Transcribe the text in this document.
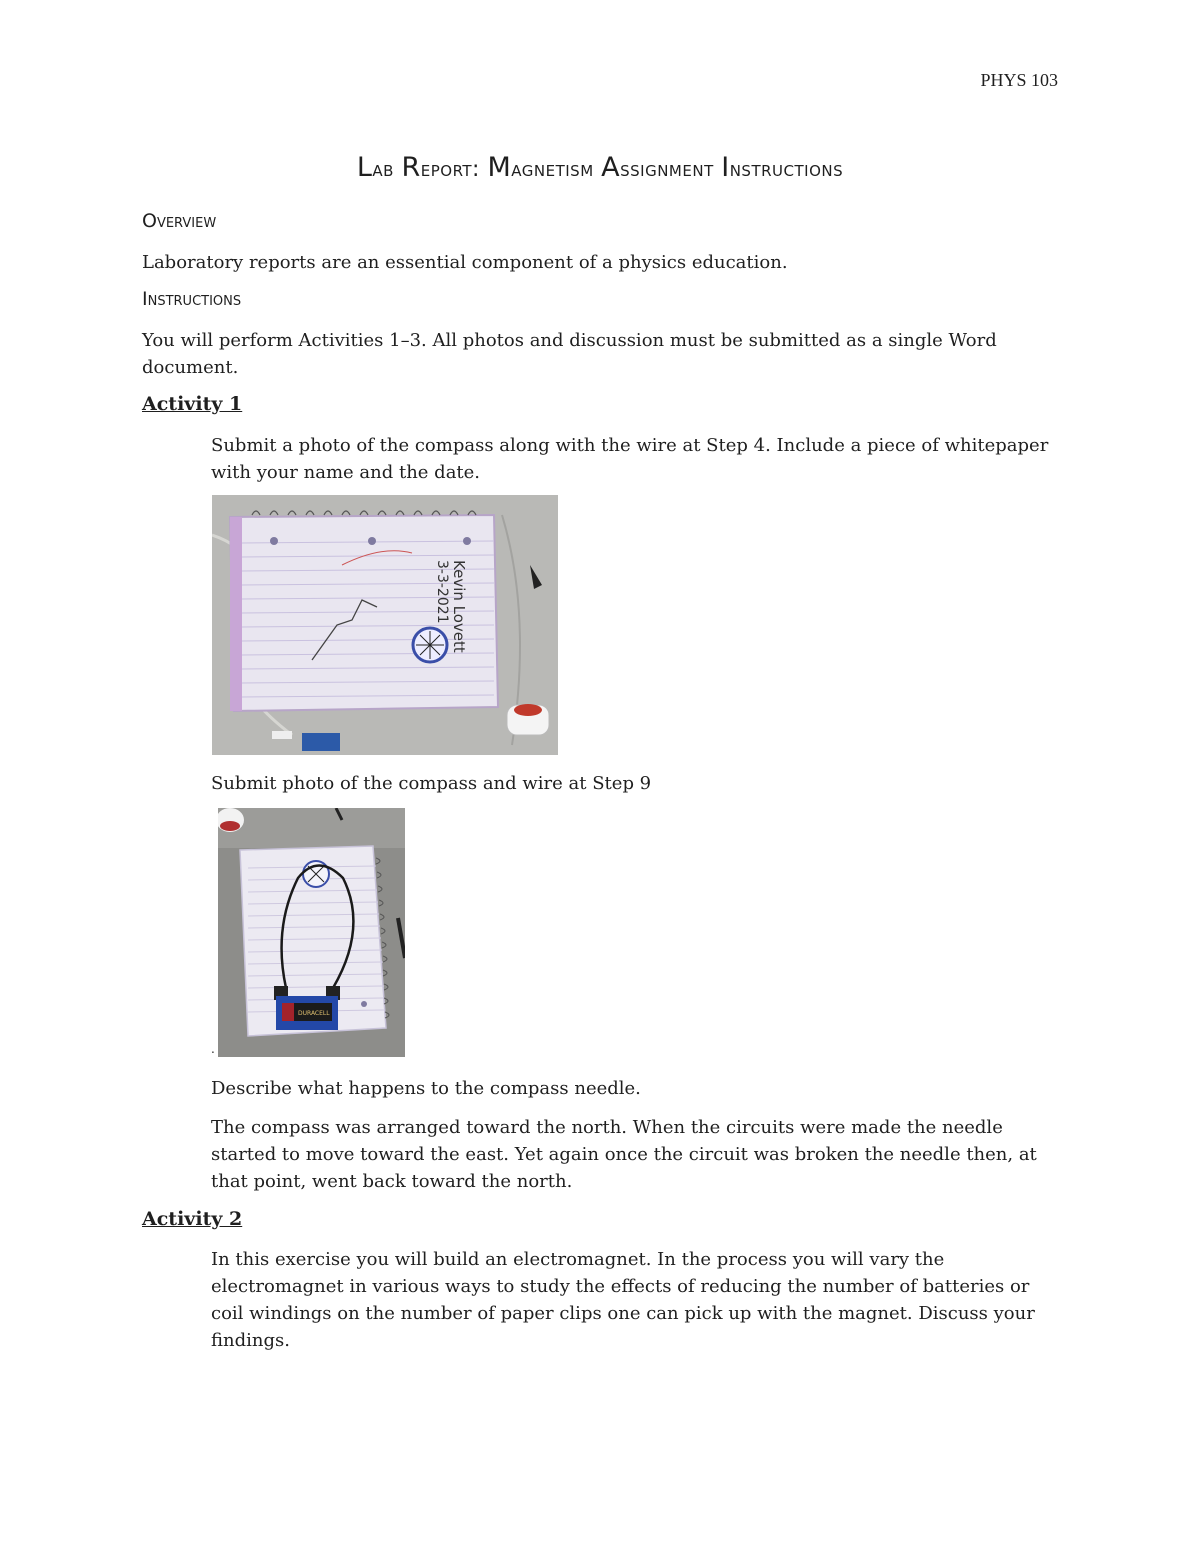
PHYS 103
Lab Report: Magnetism Assignment Instructions
Overview

Laboratory reports are an essential component of a physics education.

Instructions

You will perform Activities 1–3. All photos and discussion must be submitted as a single Word document.

Activity 1

Submit a photo of the compass along with the wire at Step 4. Include a piece of whitepaper with your name and the date.

Kevin Lovett
3-3-2021

Submit photo of the compass and wire at Step 9

DURACELL
.

Describe what happens to the compass needle.

The compass was arranged toward the north. When the circuits were made the needle started to move toward the east. Yet again once the circuit was broken the needle then, at that point, went back toward the north.

Activity 2

In this exercise you will build an electromagnet. In the process you will vary the electromagnet in various ways to study the effects of reducing the number of batteries or coil windings on the number of paper clips one can pick up with the magnet. Discuss your findings.
